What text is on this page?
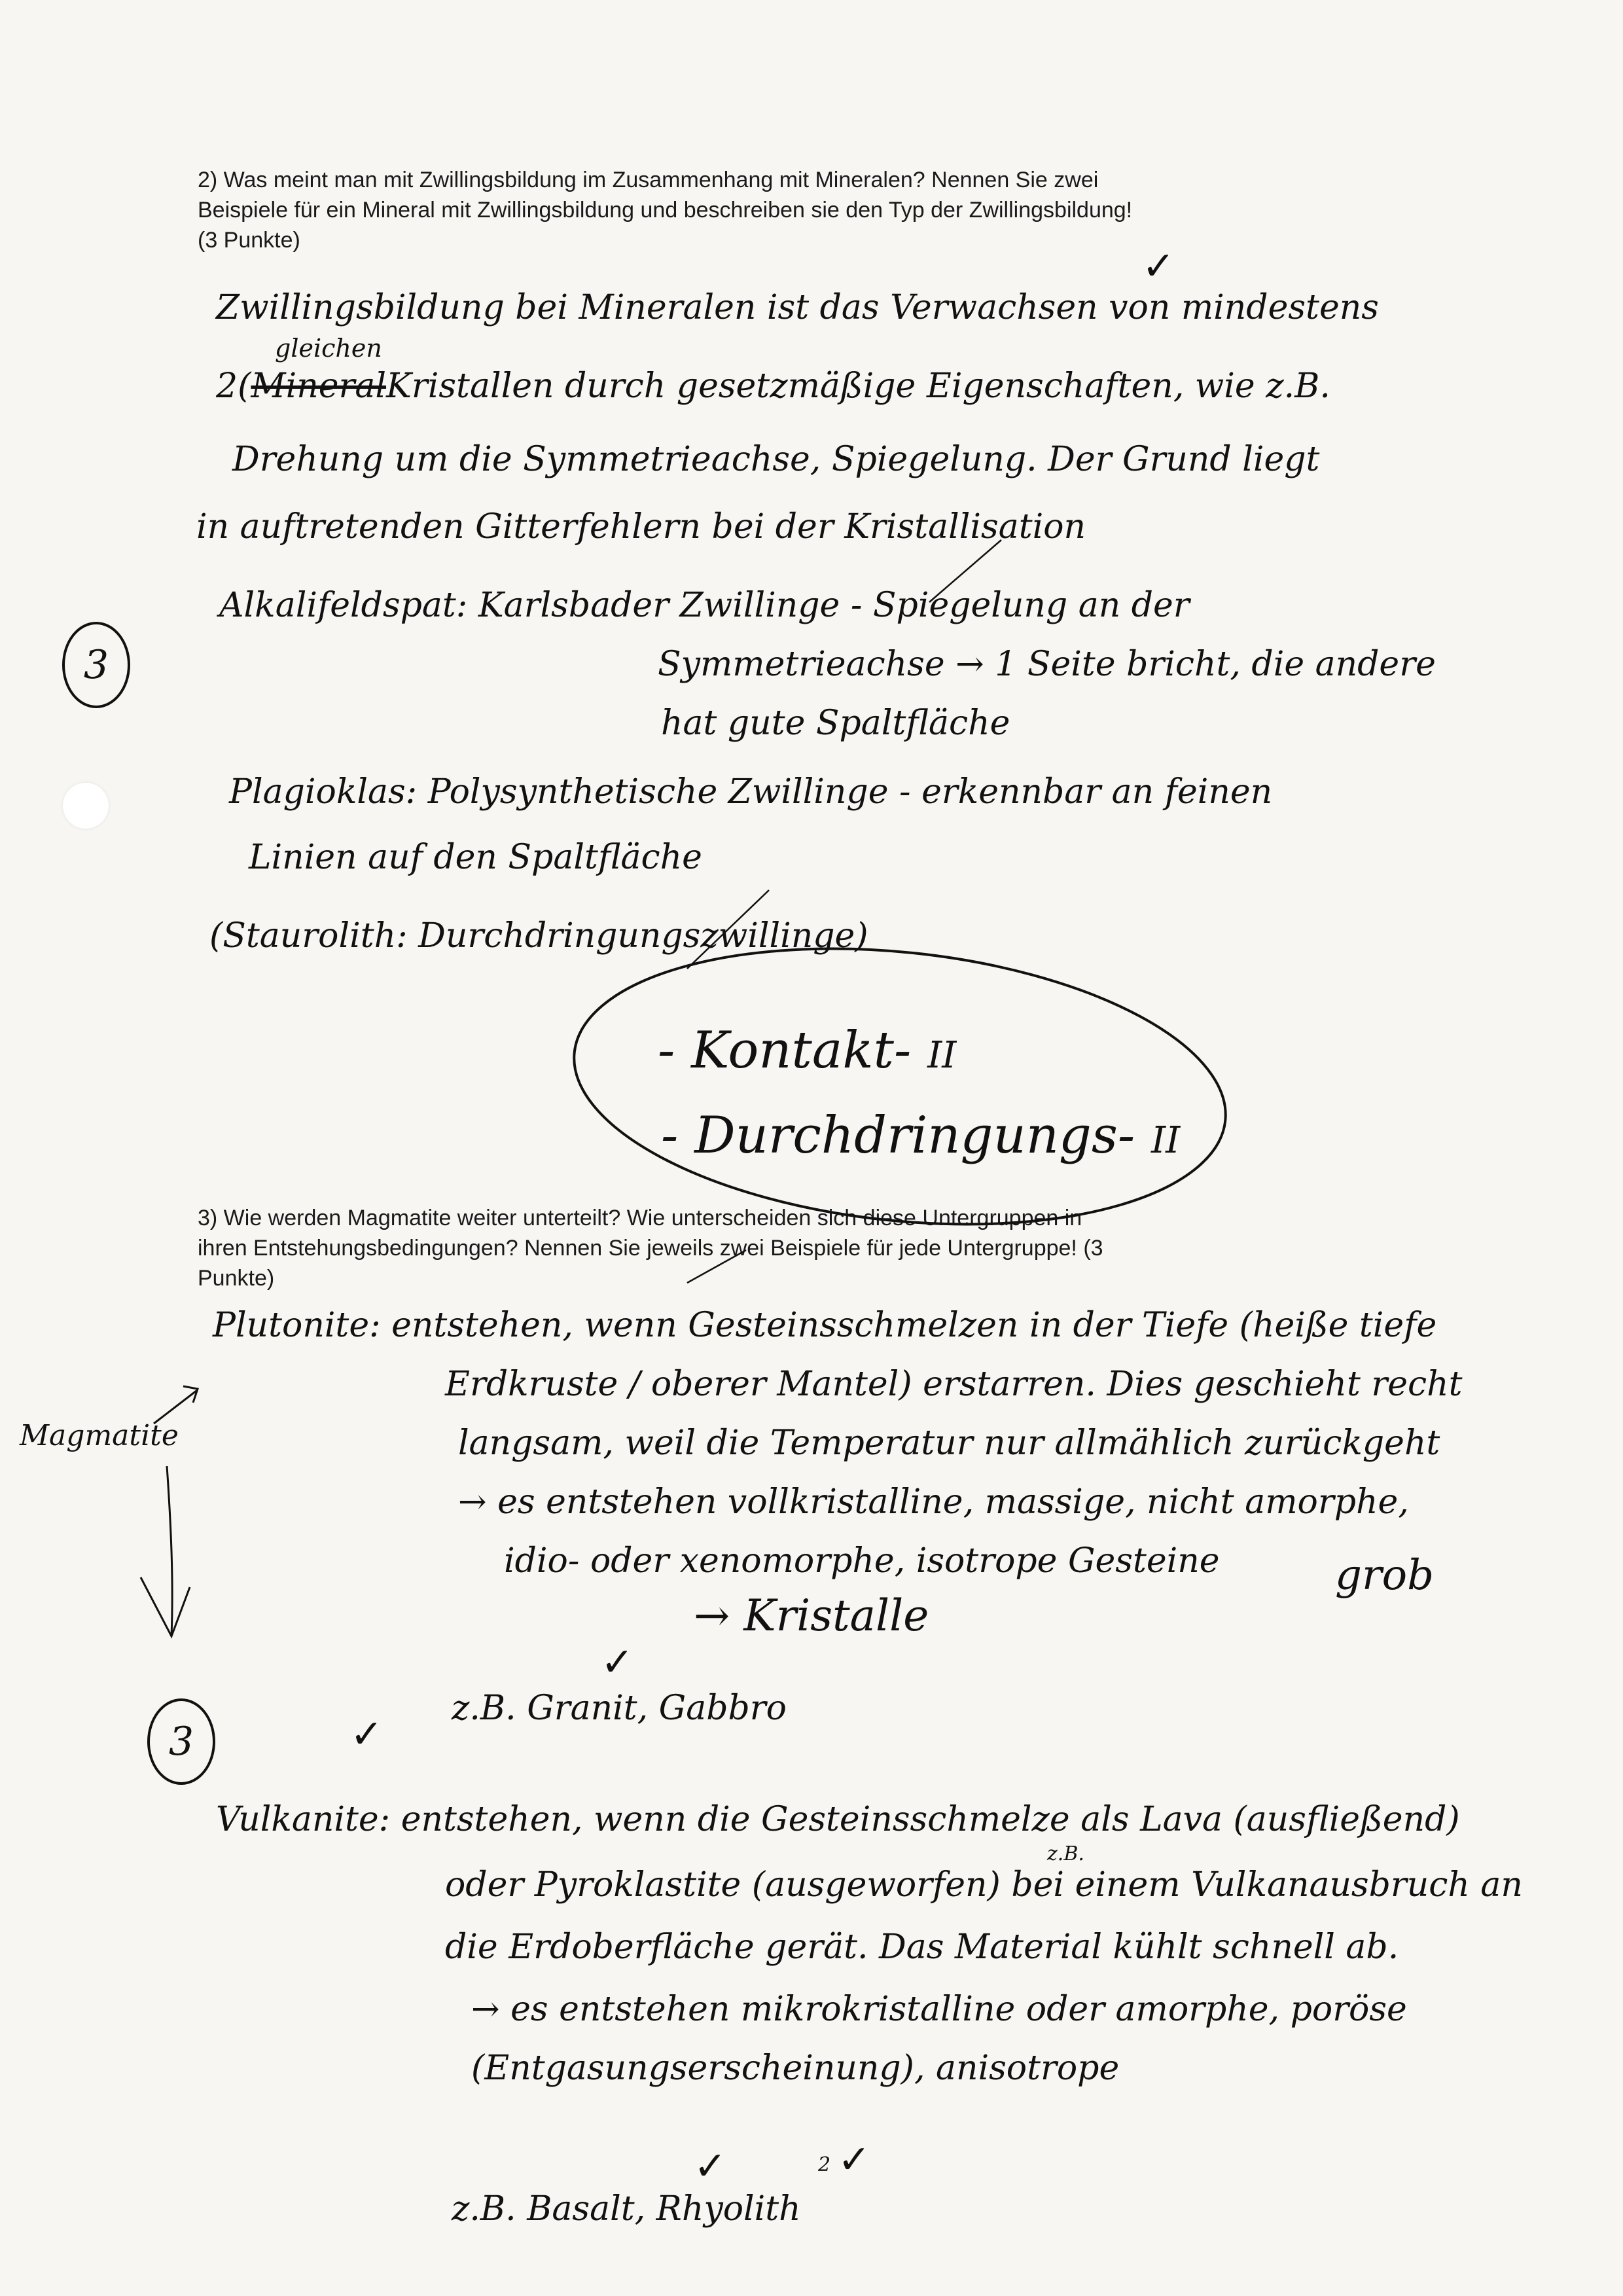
2) Was meint man mit Zwillingsbildung im Zusammenhang mit Mineralen? Nennen Sie zwei

Beispiele für ein Mineral mit Zwillingsbildung und beschreiben sie den Typ der Zwillingsbildung!

(3 Punkte)

✓
Zwillingsbildung bei Mineralen ist das Verwachsen von mindestens
gleichen
2(MineralKristallen durch gesetzmäßige Eigenschaften, wie z.B.
Drehung um die Symmetrieachse, Spiegelung. Der Grund liegt
in auftretenden Gitterfehlern bei der Kristallisation
3
Alkalifeldspat: Karlsbader Zwillinge - Spiegelung an der
Symmetrieachse → 1 Seite bricht, die andere
hat gute Spaltfläche
Plagioklas: Polysynthetische Zwillinge - erkennbar an feinen
Linien auf den Spaltfläche
(Staurolith: Durchdringungszwillinge)
- Kontakt- II
- Durchdringungs- II

3) Wie werden Magmatite weiter unterteilt? Wie unterscheiden sich diese Untergruppen in

ihren Entstehungsbedingungen? Nennen Sie jeweils zwei Beispiele für jede Untergruppe! (3

Punkte)

Plutonite: entstehen, wenn Gesteinsschmelzen in der Tiefe (heiße tiefe
Erdkruste / oberer Mantel) erstarren. Dies geschieht recht
Magmatite	langsam, weil die Temperatur nur allmählich zurückgeht
→ es entstehen vollkristalline, massige, nicht amorphe,
idio- oder xenomorphe, isotrope Gesteine	grob
→ Kristalle
✓
z.B. Granit, Gabbro
✓
3
Vulkanite: entstehen, wenn die Gesteinsschmelze als Lava (ausfließend)
z.B.
oder Pyroklastite (ausgeworfen) bei einem Vulkanausbruch an
die Erdoberfläche gerät. Das Material kühlt schnell ab.
→ es entstehen mikrokristalline oder amorphe, poröse
(Entgasungserscheinung), anisotrope
✓	✓
2
z.B. Basalt, Rhyolith
